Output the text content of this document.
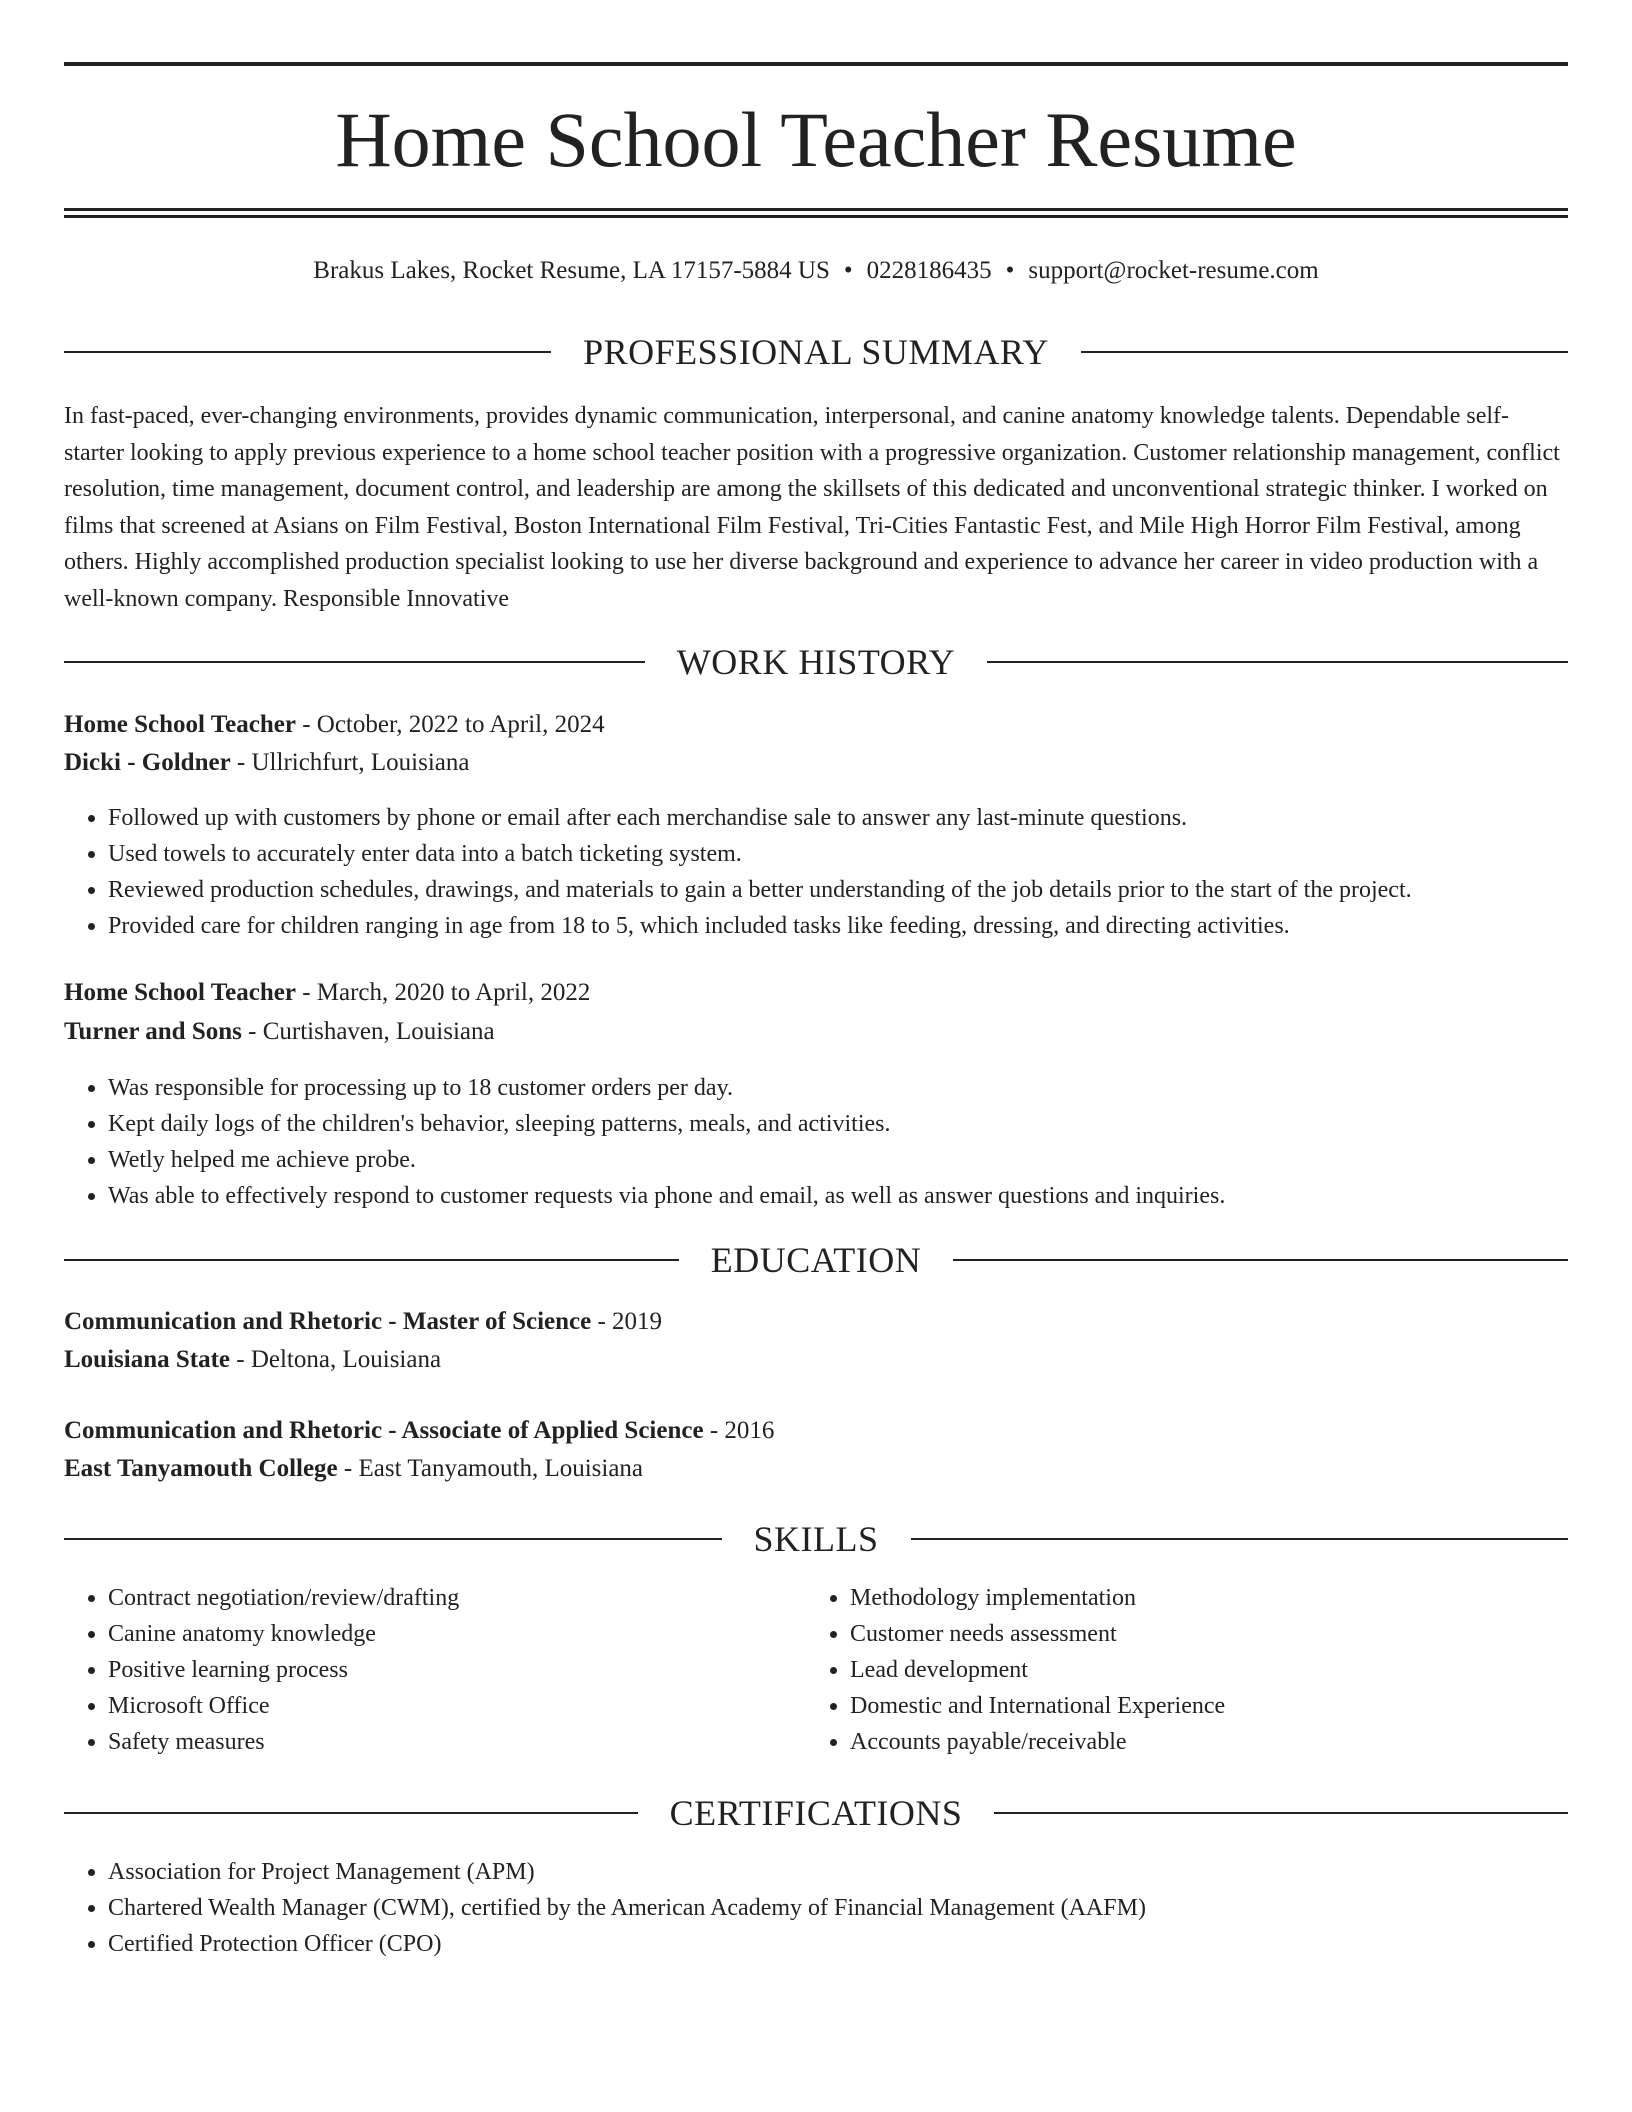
Home School Teacher Resume
Brakus Lakes, Rocket Resume, LA 17157-5884 US • 0228186435 • support@rocket-resume.com
PROFESSIONAL SUMMARY

In fast-paced, ever-changing environments, provides dynamic communication, interpersonal, and canine anatomy knowledge talents. Dependable self-starter looking to apply previous experience to a home school teacher position with a progressive organization. Customer relationship management, conflict resolution, time management, document control, and leadership are among the skillsets of this dedicated and unconventional strategic thinker. I worked on films that screened at Asians on Film Festival, Boston International Film Festival, Tri-Cities Fantastic Fest, and Mile High Horror Film Festival, among others. Highly accomplished production specialist looking to use her diverse background and experience to advance her career in video production with a well-known company. Responsible Innovative

WORK HISTORY
Home School Teacher - October, 2022 to April, 2024
Dicki - Goldner - Ullrichfurt, Louisiana
• Followed up with customers by phone or email after each merchandise sale to answer any last-minute questions.
• Used towels to accurately enter data into a batch ticketing system.
• Reviewed production schedules, drawings, and materials to gain a better understanding of the job details prior to the start of the project.
• Provided care for children ranging in age from 18 to 5, which included tasks like feeding, dressing, and directing activities.
Home School Teacher - March, 2020 to April, 2022
Turner and Sons - Curtishaven, Louisiana
• Was responsible for processing up to 18 customer orders per day.
• Kept daily logs of the children's behavior, sleeping patterns, meals, and activities.
• Wetly helped me achieve probe.
• Was able to effectively respond to customer requests via phone and email, as well as answer questions and inquiries.
EDUCATION
Communication and Rhetoric - Master of Science - 2019
Louisiana State - Deltona, Louisiana
Communication and Rhetoric - Associate of Applied Science - 2016
East Tanyamouth College - East Tanyamouth, Louisiana
SKILLS
• Contract negotiation/review/drafting
• Canine anatomy knowledge
• Positive learning process
• Microsoft Office
• Safety measures
• Methodology implementation
• Customer needs assessment
• Lead development
• Domestic and International Experience
• Accounts payable/receivable
CERTIFICATIONS
• Association for Project Management (APM)
• Chartered Wealth Manager (CWM), certified by the American Academy of Financial Management (AAFM)
• Certified Protection Officer (CPO)
